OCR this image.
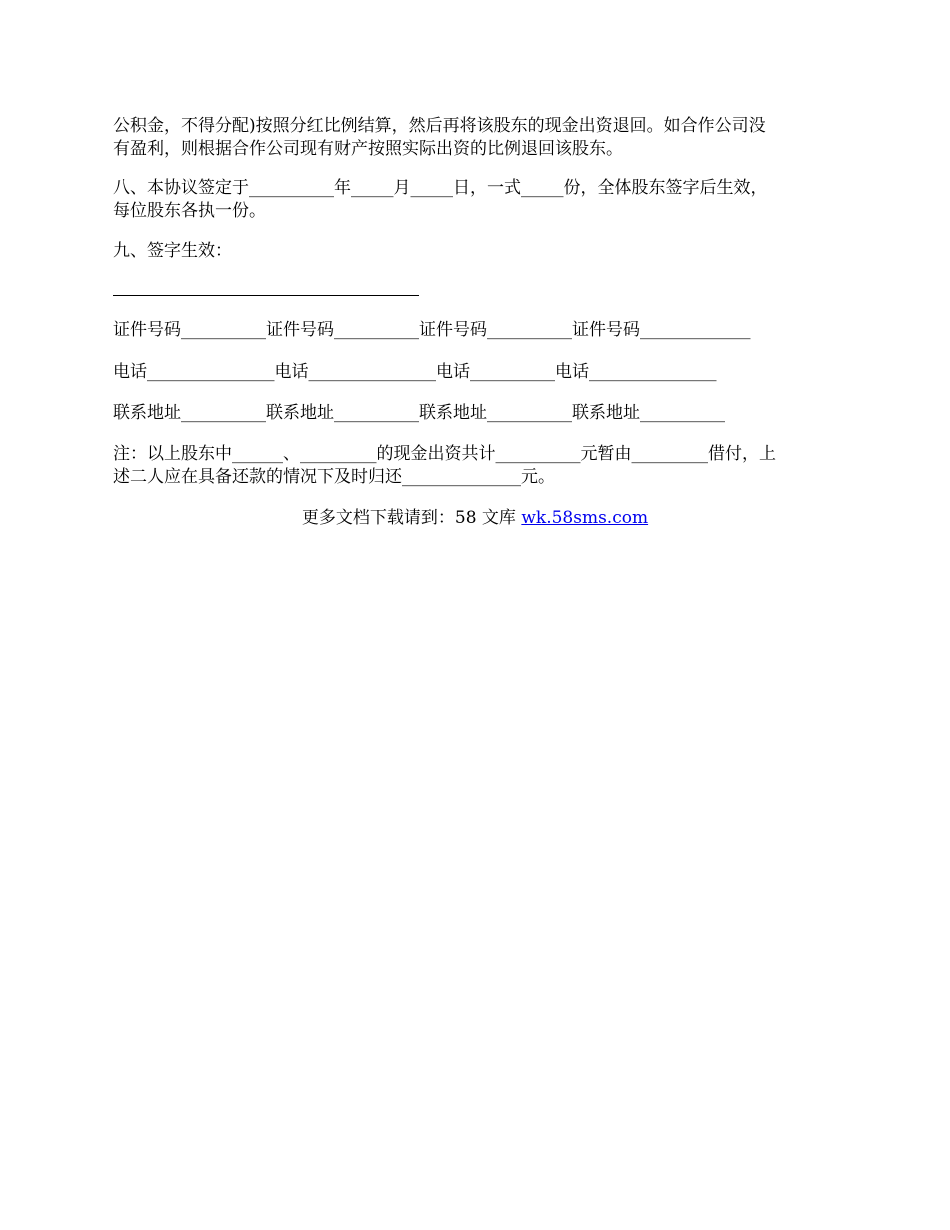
公积金，不得分配)按照分红比例结算，然后再将该股东的现金出资退回。如合作公司没
有盈利，则根据合作公司现有财产按照实际出资的比例退回该股东。
八、本协议签定于__________年_____月_____日，一式_____份，全体股东签字后生效，
每位股东各执一份。
九、签字生效：
证件号码__________证件号码__________证件号码__________证件号码_____________
电话_______________电话_______________电话__________电话_______________
联系地址__________联系地址__________联系地址__________联系地址__________
注：以上股东中______、_________的现金出资共计__________元暂由_________借付，上
述二人应在具备还款的情况下及时归还______________元。
更多文档下载请到：58 文库 wk.58sms.com
